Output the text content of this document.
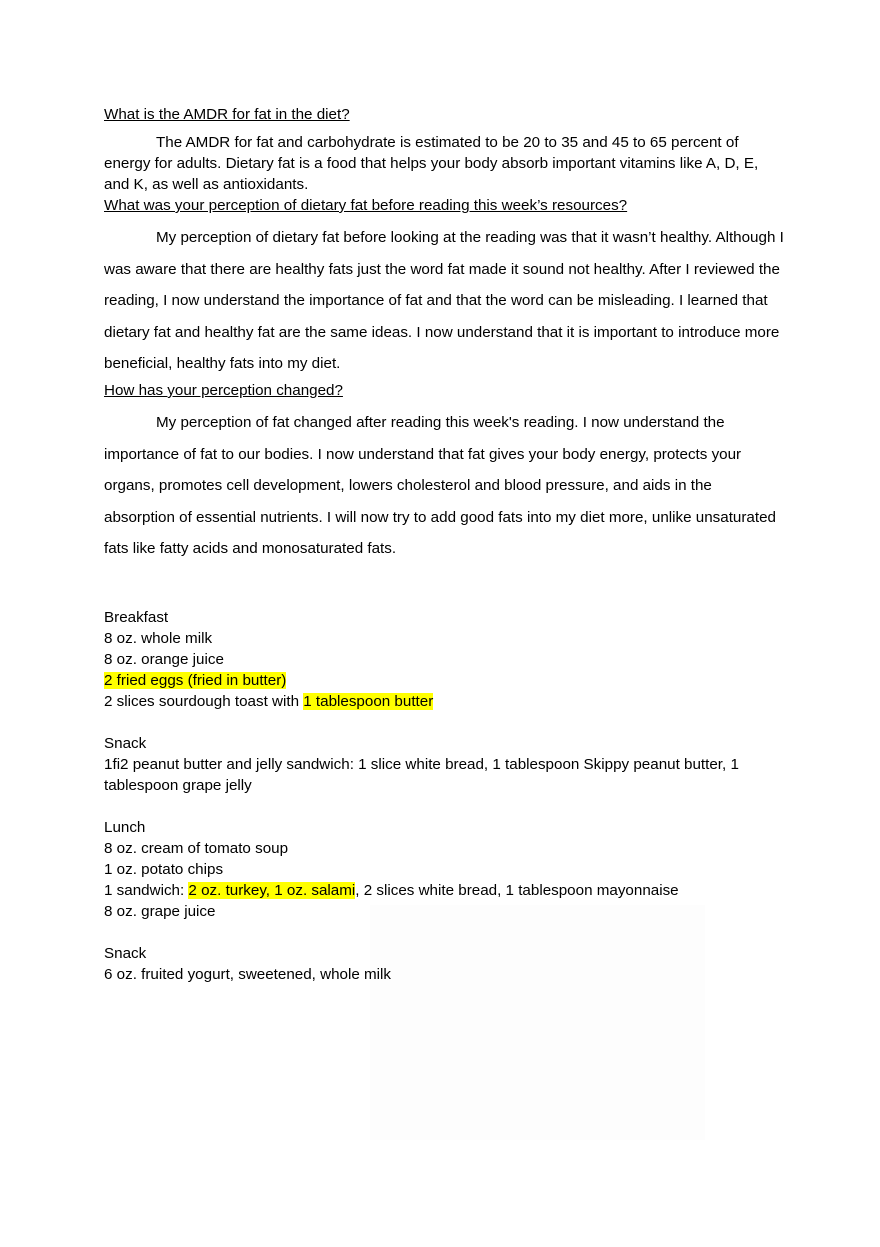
What is the AMDR for fat in the diet?

The AMDR for fat and carbohydrate is estimated to be 20 to 35 and 45 to 65 percent of energy for adults. Dietary fat is a food that helps your body absorb important vitamins like A, D, E, and K, as well as antioxidants.

What was your perception of dietary fat before reading this week’s resources?

My perception of dietary fat before looking at the reading was that it wasn’t healthy. Although I was aware that there are healthy fats just the word fat made it sound not healthy. After I reviewed the reading, I now understand the importance of fat and that the word can be misleading. I learned that dietary fat and healthy fat are the same ideas. I now understand that it is important to introduce more beneficial, healthy fats into my diet.

How has your perception changed?

My perception of fat changed after reading this week's reading. I now understand the importance of fat to our bodies. I now understand that fat gives your body energy, protects your organs, promotes cell development, lowers cholesterol and blood pressure, and aids in the absorption of essential nutrients. I will now try to add good fats into my diet more, unlike unsaturated fats like fatty acids and monosaturated fats.

Breakfast
8 oz. whole milk
8 oz. orange juice
2 fried eggs (fried in butter)
2 slices sourdough toast with 1 tablespoon butter
Snack
1ﬁ2 peanut butter and jelly sandwich: 1 slice white bread, 1 tablespoon Skippy peanut butter, 1 tablespoon grape jelly
Lunch
8 oz. cream of tomato soup
1 oz. potato chips
1 sandwich: 2 oz. turkey, 1 oz. salami, 2 slices white bread, 1 tablespoon mayonnaise
8 oz. grape juice
Snack
6 oz. fruited yogurt, sweetened, whole milk
